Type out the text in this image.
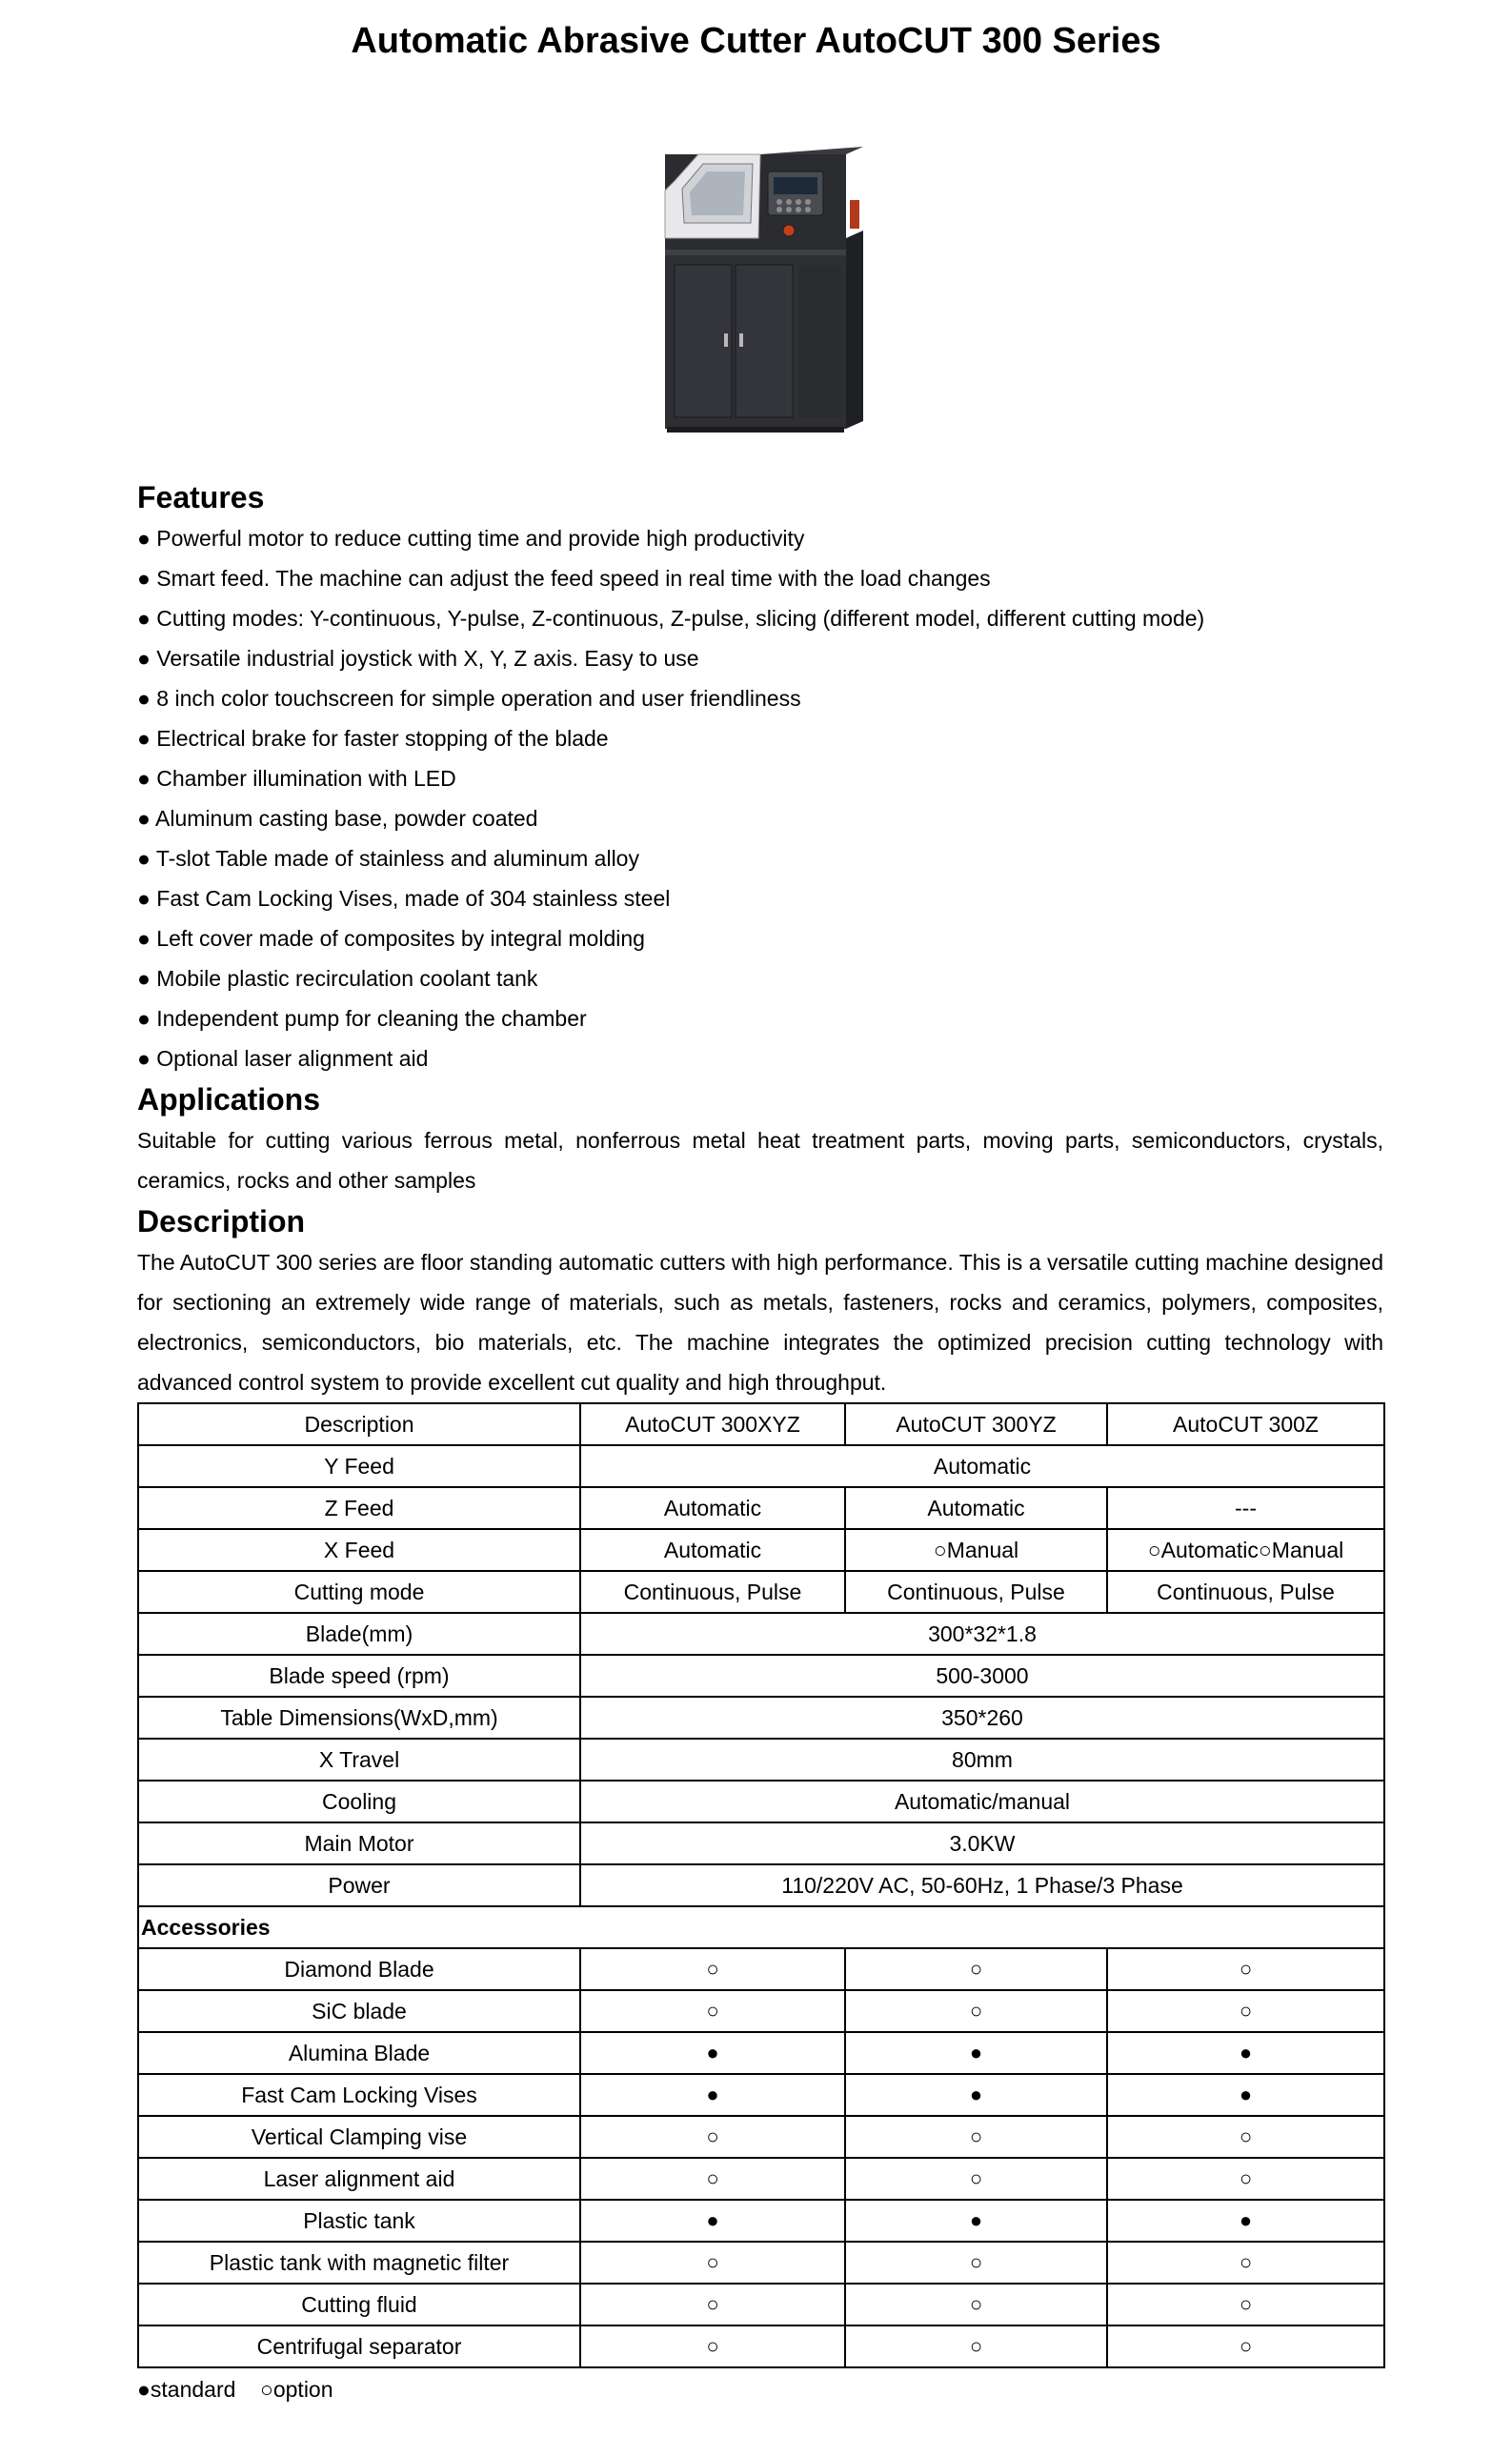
Automatic Abrasive Cutter AutoCUT 300 Series
Features
● Powerful motor to reduce cutting time and provide high productivity
● Smart feed. The machine can adjust the feed speed in real time with the load changes
● Cutting modes: Y-continuous, Y-pulse, Z-continuous, Z-pulse, slicing (different model, different cutting mode)
● Versatile industrial joystick with X, Y, Z axis. Easy to use
● 8 inch color touchscreen for simple operation and user friendliness
● Electrical brake for faster stopping of the blade
● Chamber illumination with LED
● Aluminum casting base, powder coated
● T-slot Table made of stainless and aluminum alloy
● Fast Cam Locking Vises, made of 304 stainless steel
● Left cover made of composites by integral molding
● Mobile plastic recirculation coolant tank
● Independent pump for cleaning the chamber
● Optional laser alignment aid
Applications

Suitable for cutting various ferrous metal, nonferrous metal heat treatment parts, moving parts, semiconductors, crystals, ceramics, rocks and other samples

Description

The AutoCUT 300 series are floor standing automatic cutters with high performance. This is a versatile cutting machine designed for sectioning an extremely wide range of materials, such as metals, fasteners, rocks and ceramics, polymers, composites, electronics, semiconductors, bio materials, etc. The machine integrates the optimized precision cutting technology with advanced control system to provide excellent cut quality and high throughput.

Description	AutoCUT 300XYZ	AutoCUT 300YZ	AutoCUT 300Z
Y Feed	Automatic		
Z Feed	Automatic	Automatic	---
X Feed	Automatic	○Manual	○Automatic○Manual
Cutting mode	Continuous, Pulse	Continuous, Pulse	Continuous, Pulse
Blade(mm)	300*32*1.8		
Blade speed (rpm)	500-3000		
Table Dimensions(WxD,mm)	350*260		
X Travel	80mm		
Cooling	Automatic/manual		
Main Motor	3.0KW		
Power	110/220V AC, 50-60Hz, 1 Phase/3 Phase		
Accessories			
Diamond Blade	○	○	○
SiC blade	○	○	○
Alumina Blade	●	●	●
Fast Cam Locking Vises	●	●	●
Vertical Clamping vise	○	○	○
Laser alignment aid	○	○	○
Plastic tank	●	●	●
Plastic tank with magnetic filter	○	○	○
Cutting fluid	○	○	○
Centrifugal separator	○	○	○
●standard    ○option
